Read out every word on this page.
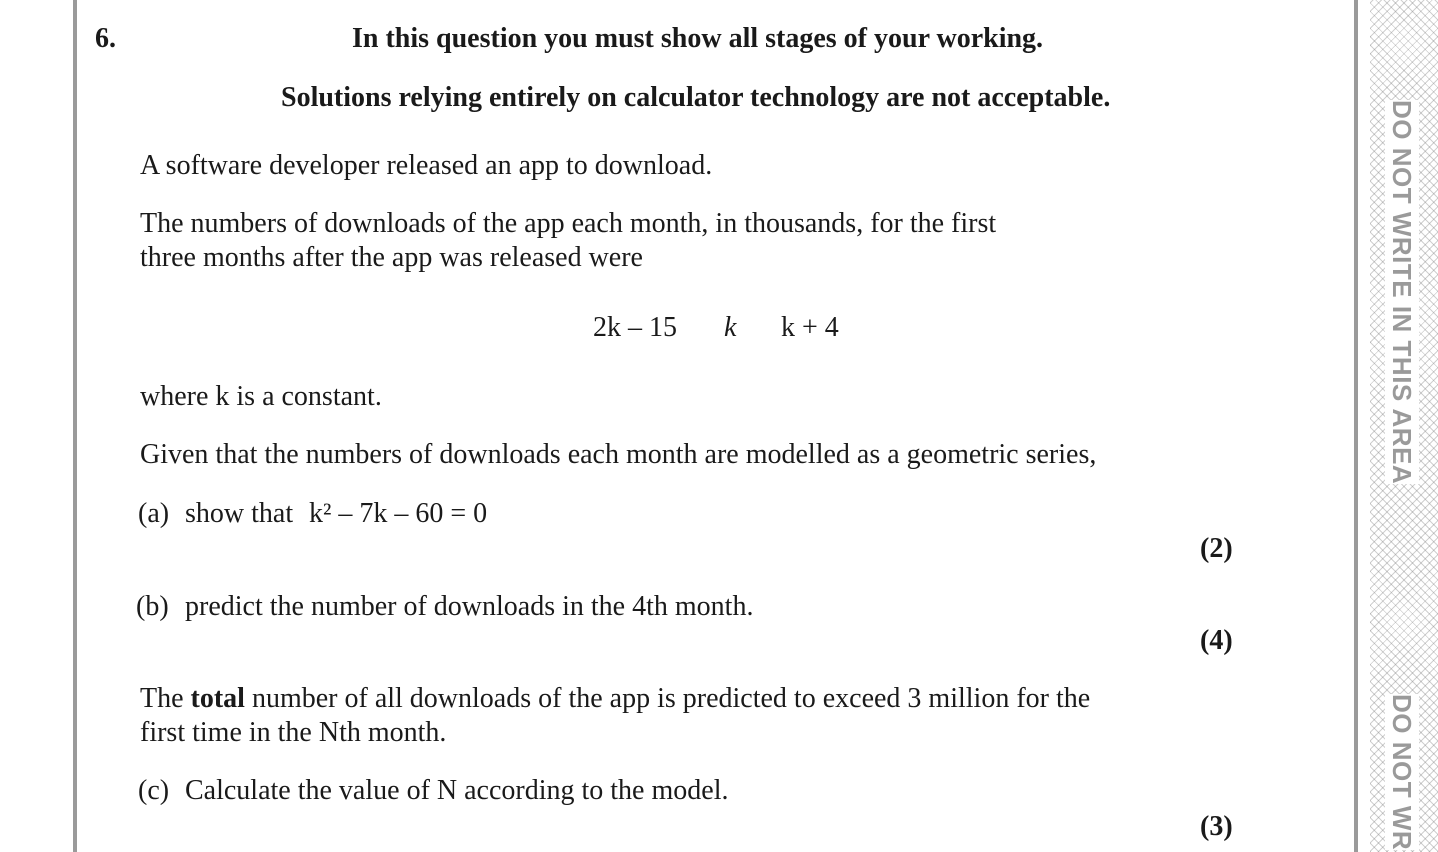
DO NOT WRITE IN THIS AREA
DO NOT WR
6.	In this question you must show all stages of your working.
Solutions relying entirely on calculator technology are not acceptable.
A software developer released an app to download.
The numbers of downloads of the app each month, in thousands, for the first
three months after the app was released were
2k – 15 k k + 4
where k is a constant.
Given that the numbers of downloads each month are modelled as a geometric series,
(a) show that k² – 7k – 60 = 0
(2)
(b) predict the number of downloads in the 4th month.
(4)
The total number of all downloads of the app is predicted to exceed 3 million for the
first time in the Nth month.
(c) Calculate the value of N according to the model.
(3)
